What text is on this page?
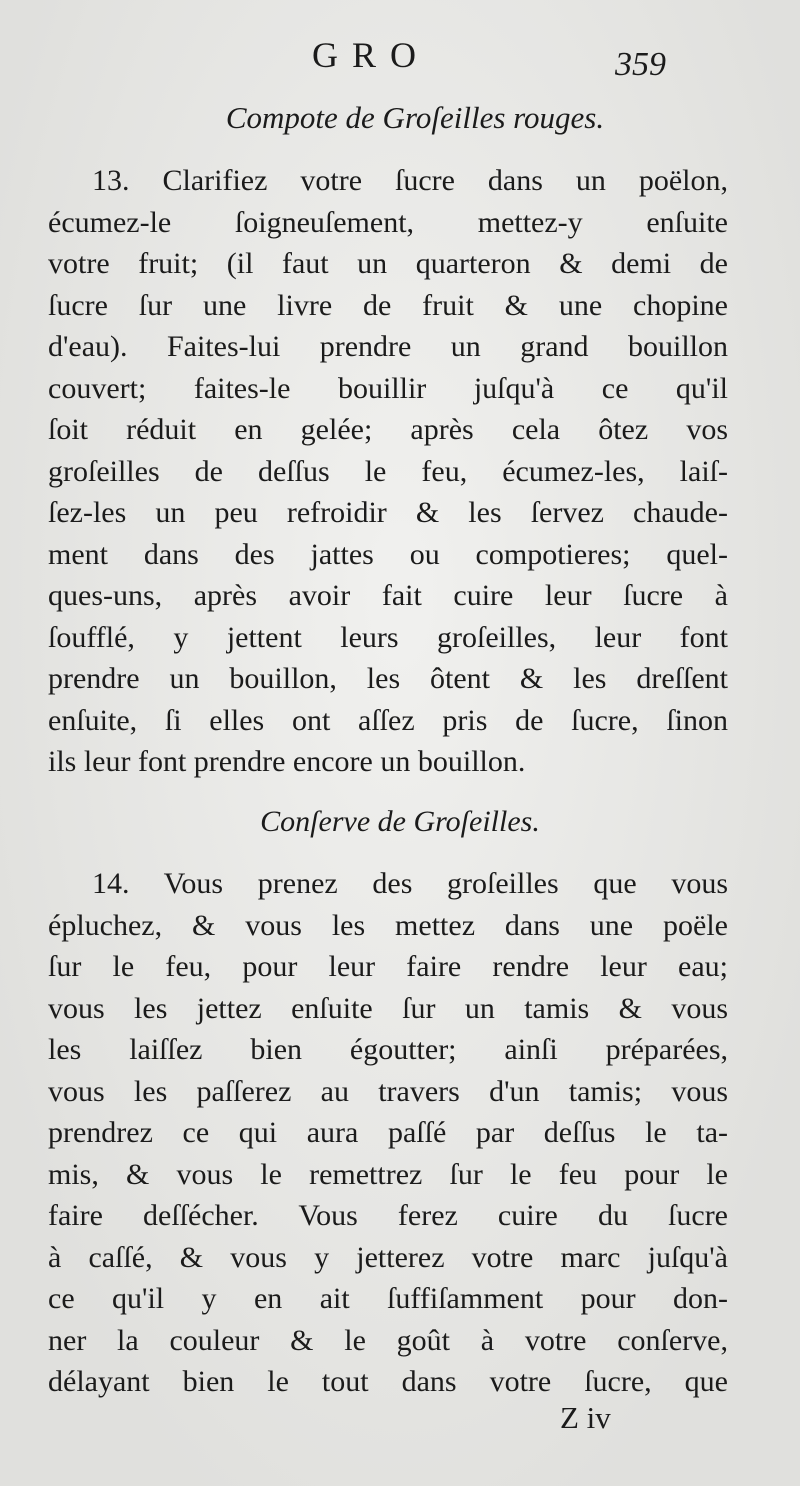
GRO	359
Compote de Groſeilles rouges.
13. Clarifiez votre ſucre dans un poëlon,
écumez-le ſoigneuſement, mettez-y enſuite
votre fruit; (il faut un quarteron & demi de
ſucre ſur une livre de fruit & une chopine
d'eau). Faites-lui prendre un grand bouillon
couvert; faites-le bouillir juſqu'à ce qu'il
ſoit réduit en gelée; après cela ôtez vos
groſeilles de deſſus le feu, écumez-les, laiſ-
ſez-les un peu refroidir & les ſervez chaude-
ment dans des jattes ou compotieres; quel-
ques-uns, après avoir fait cuire leur ſucre à
ſoufflé, y jettent leurs groſeilles, leur font
prendre un bouillon, les ôtent & les dreſſent
enſuite, ſi elles ont aſſez pris de ſucre, ſinon
ils leur font prendre encore un bouillon.
Conſerve de Groſeilles.
14. Vous prenez des groſeilles que vous
épluchez, & vous les mettez dans une poële
ſur le feu, pour leur faire rendre leur eau;
vous les jettez enſuite ſur un tamis & vous
les laiſſez bien égoutter; ainſi préparées,
vous les paſſerez au travers d'un tamis; vous
prendrez ce qui aura paſſé par deſſus le ta-
mis, & vous le remettrez ſur le feu pour le
faire deſſécher. Vous ferez cuire du ſucre
à caſſé, & vous y jetterez votre marc juſqu'à
ce qu'il y en ait ſuffiſamment pour don-
ner la couleur & le goût à votre conſerve,
délayant bien le tout dans votre ſucre, que
Z iv
